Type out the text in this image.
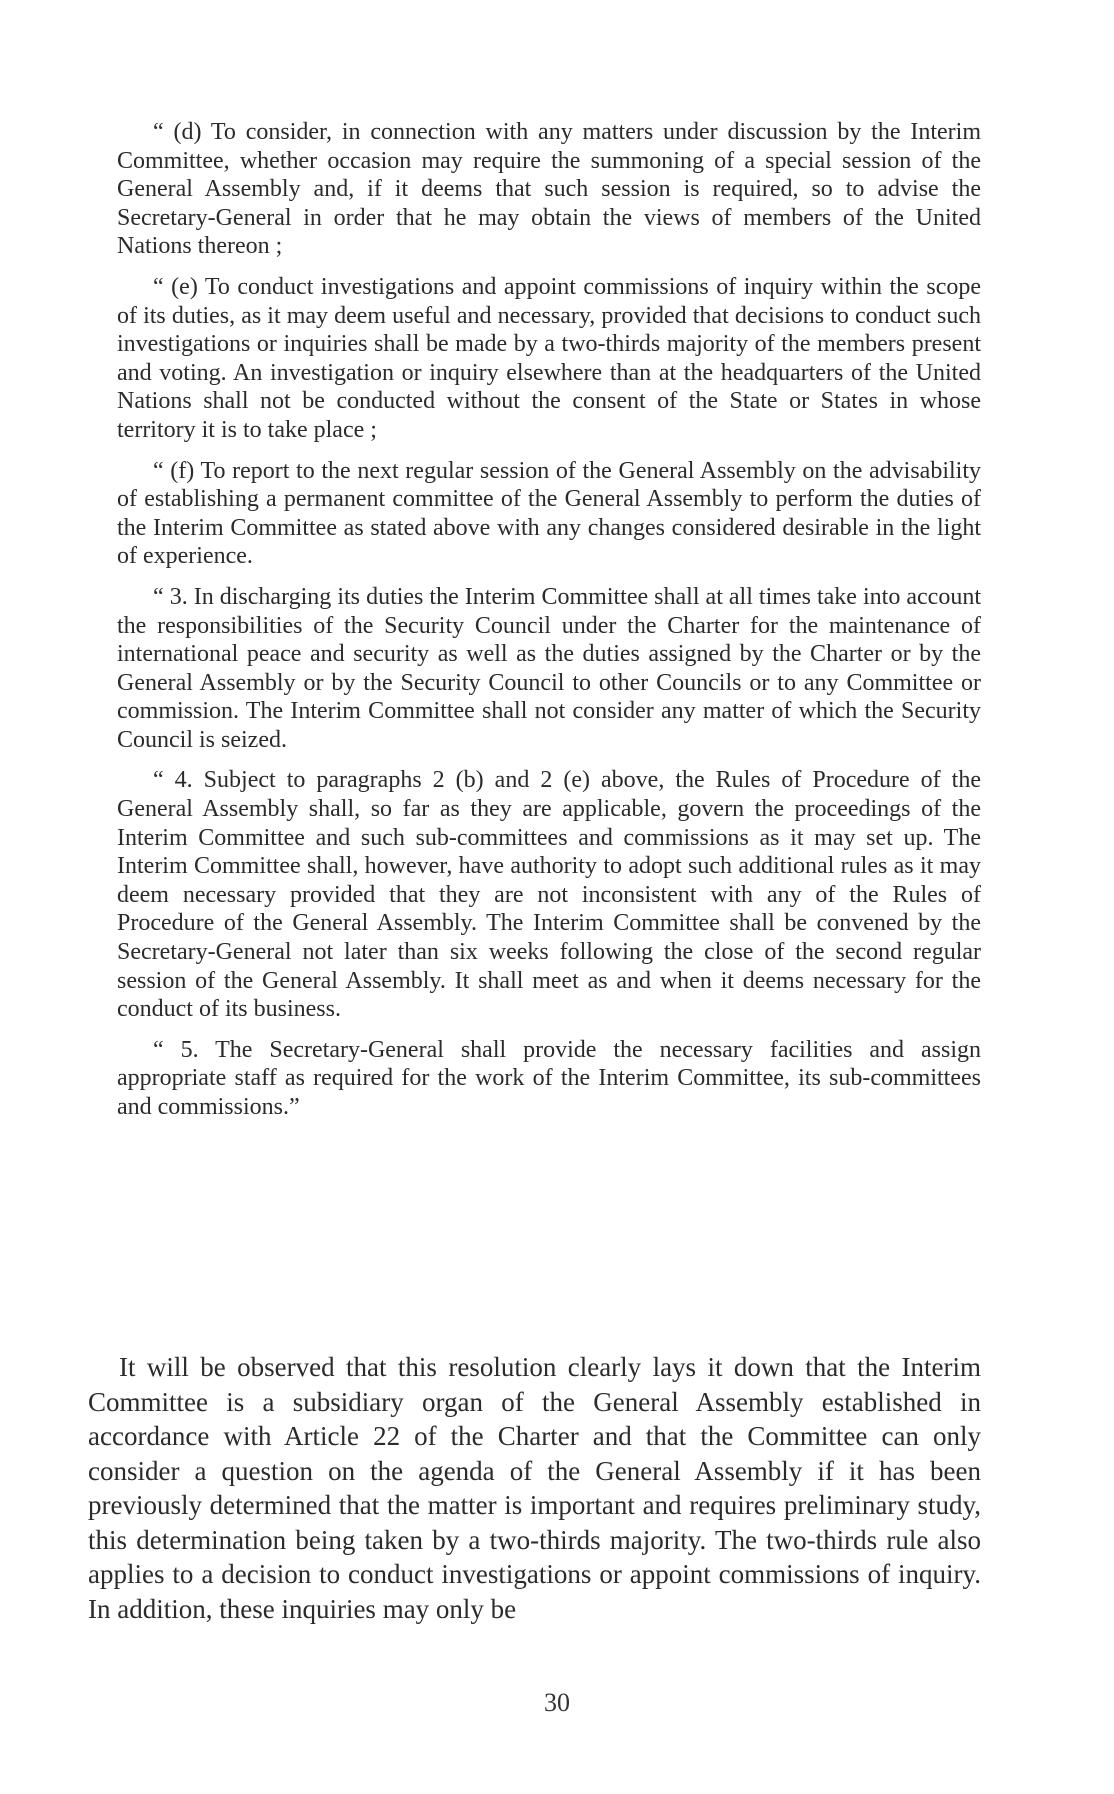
“ (d) To consider, in connection with any matters under discussion by the Interim Committee, whether occasion may require the summoning of a special session of the General Assembly and, if it deems that such session is required, so to advise the Secretary-General in order that he may obtain the views of members of the United Nations thereon ;

“ (e) To conduct investigations and appoint commissions of inquiry within the scope of its duties, as it may deem useful and necessary, provided that decisions to conduct such investigations or inquiries shall be made by a two-thirds majority of the members present and voting. An investigation or inquiry elsewhere than at the headquarters of the United Nations shall not be conducted without the consent of the State or States in whose territory it is to take place ;

“ (f) To report to the next regular session of the General Assembly on the advisability of establishing a permanent committee of the General Assembly to perform the duties of the Interim Committee as stated above with any changes considered desirable in the light of experience.

“ 3. In discharging its duties the Interim Committee shall at all times take into account the responsibilities of the Security Council under the Charter for the maintenance of international peace and security as well as the duties assigned by the Charter or by the General Assembly or by the Security Council to other Councils or to any Committee or commission. The Interim Committee shall not consider any matter of which the Security Council is seized.

“ 4. Subject to paragraphs 2 (b) and 2 (e) above, the Rules of Procedure of the General Assembly shall, so far as they are applicable, govern the proceedings of the Interim Committee and such sub-committees and commissions as it may set up. The Interim Committee shall, however, have authority to adopt such additional rules as it may deem necessary provided that they are not inconsistent with any of the Rules of Procedure of the General Assembly. The Interim Committee shall be convened by the Secretary-General not later than six weeks following the close of the second regular session of the General Assembly. It shall meet as and when it deems necessary for the conduct of its business.

“ 5. The Secretary-General shall provide the necessary facilities and assign appropriate staff as required for the work of the Interim Committee, its sub-committees and commissions.”

It will be observed that this resolution clearly lays it down that the Interim Committee is a subsidiary organ of the General Assembly established in accordance with Article 22 of the Charter and that the Committee can only consider a question on the agenda of the General Assembly if it has been previously determined that the matter is important and requires preliminary study, this determination being taken by a two-thirds majority. The two-thirds rule also applies to a decision to conduct investigations or appoint commissions of inquiry. In addition, these inquiries may only be

30
